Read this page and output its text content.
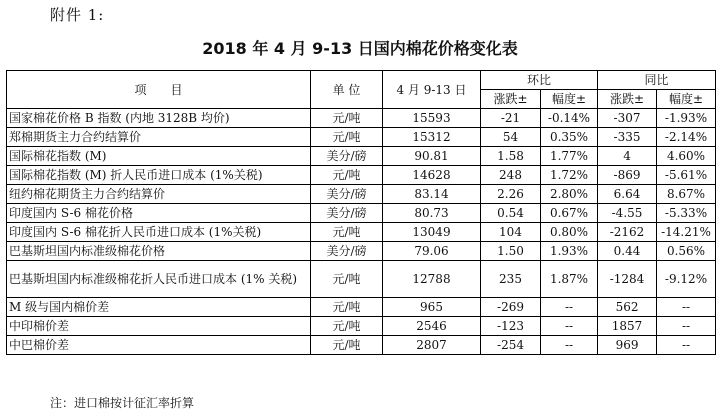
附件 1:
2018 年 4 月 9-13 日国内棉花价格变化表
项　　目	单 位	4 月 9-13 日	环比		同比	
			涨跌±	幅度±	涨跌±	幅度±
国家棉花价格 B 指数 (内地 3128B 均价)	元/吨	15593	-21	-0.14%	-307	-1.93%
郑棉期货主力合约结算价	元/吨	15312	54	0.35%	-335	-2.14%
国际棉花指数 (M)	美分/磅	90.81	1.58	1.77%	4	4.60%
国际棉花指数 (M) 折人民币进口成本 (1%关税)	元/吨	14628	248	1.72%	-869	-5.61%
纽约棉花期货主力合约结算价	美分/磅	83.14	2.26	2.80%	6.64	8.67%
印度国内 S-6 棉花价格	美分/磅	80.73	0.54	0.67%	-4.55	-5.33%
印度国内 S-6 棉花折人民币进口成本 (1%关税)	元/吨	13049	104	0.80%	-2162	-14.21%
巴基斯坦国内标准级棉花价格	美分/磅	79.06	1.50	1.93%	0.44	0.56%
巴基斯坦国内标准级棉花折人民币进口成本 (1% 关税)	元/吨	12788	235	1.87%	-1284	-9.12%
M 级与国内棉价差	元/吨	965	-269	--	562	--
中印棉价差	元/吨	2546	-123	--	1857	--
中巴棉价差	元/吨	2807	-254	--	969	--
注：进口棉按计征汇率折算
